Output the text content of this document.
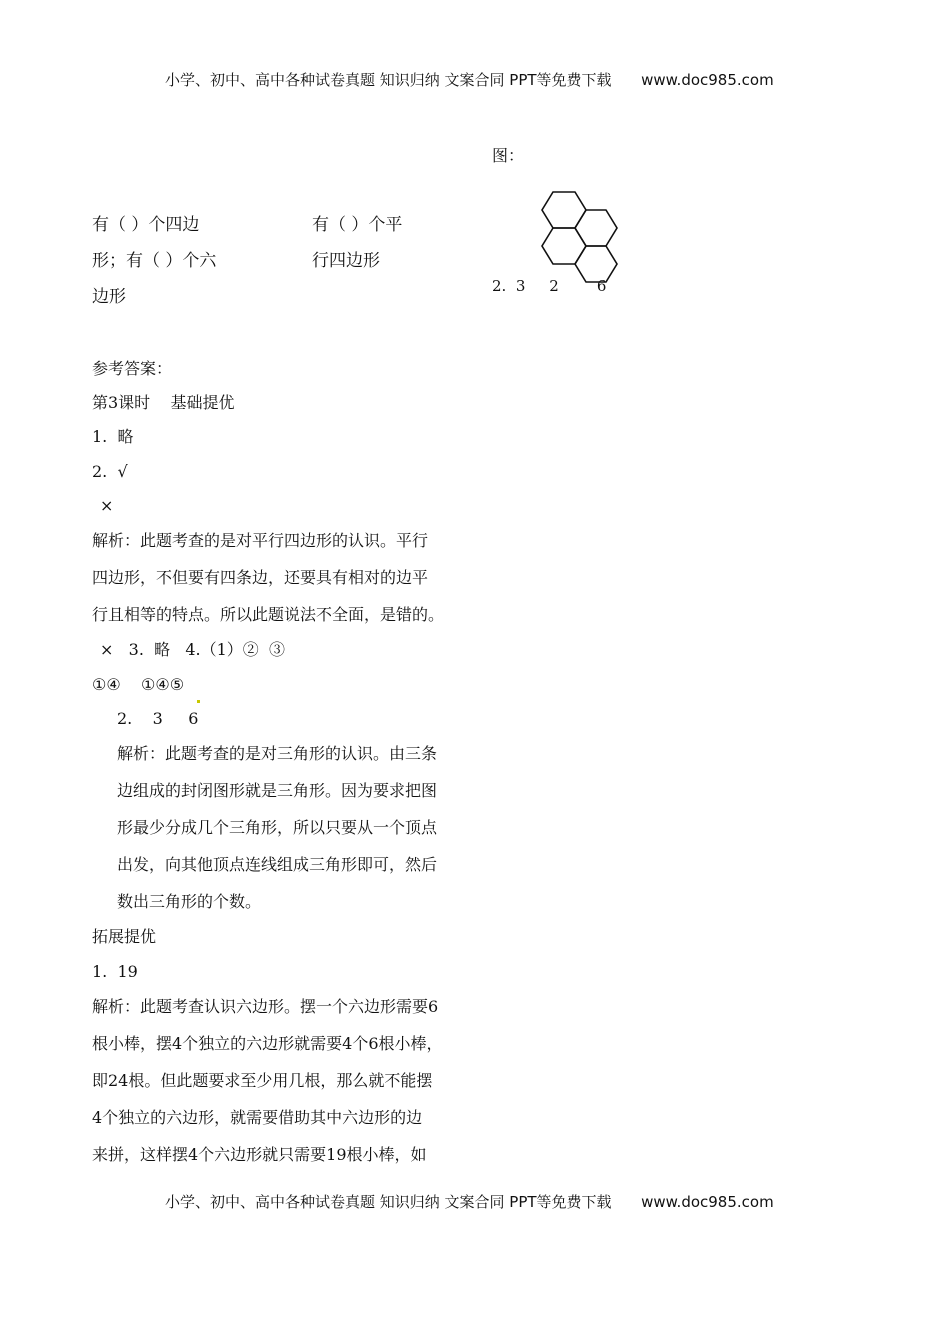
小学、初中、高中各种试卷真题 知识归纳 文案合同 PPT等免费下载 www.doc985.com
图：
2.  3     2        6
有（ ）个四边
形；有（ ）个六
边形
有（ ）个平
行四边形
参考答案：
第3课时    基础提优
1.  略
2.  √
×
解析：此题考查的是对平行四边形的认识。平行
四边形，不但要有四条边，还要具有相对的边平
行且相等的特点。所以此题说法不全面，是错的。
×   3.  略   4.（1）②  ③
①④    ①④⑤
2.    3     6
解析：此题考查的是对三角形的认识。由三条
边组成的封闭图形就是三角形。因为要求把图
形最少分成几个三角形，所以只要从一个顶点
出发，向其他顶点连线组成三角形即可，然后
数出三角形的个数。
拓展提优
1.  19
解析：此题考查认识六边形。摆一个六边形需要6
根小棒，摆4个独立的六边形就需要4个6根小棒，
即24根。但此题要求至少用几根，那么就不能摆
4个独立的六边形，就需要借助其中六边形的边
来拼，这样摆4个六边形就只需要19根小棒，如
小学、初中、高中各种试卷真题 知识归纳 文案合同 PPT等免费下载 www.doc985.com
